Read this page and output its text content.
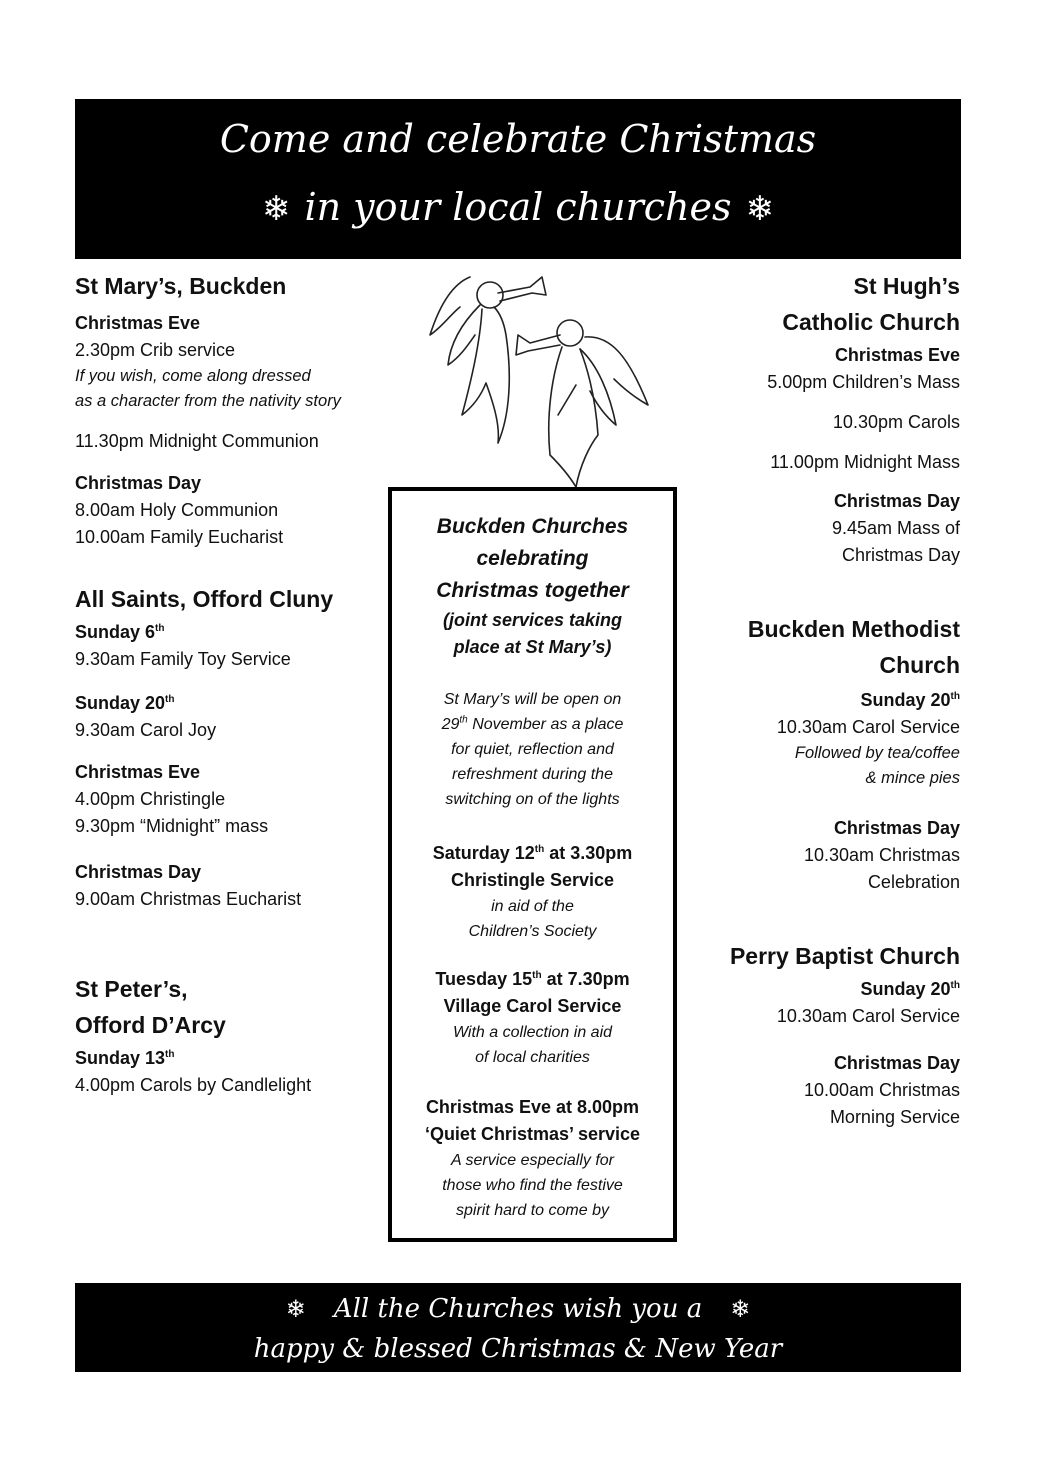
Come and celebrate Christmas
❄ in your local churches ❄

St Mary’s, Buckden

Christmas Eve
2.30pm Crib service
If you wish, come along dressed
as a character from the nativity story
11.30pm Midnight Communion
Christmas Day
8.00am Holy Communion
10.00am Family Eucharist

All Saints, Offord Cluny

Sunday 6th
9.30am Family Toy Service
Sunday 20th
9.30am Carol Joy
Christmas Eve
4.00pm Christingle
9.30pm “Midnight” mass
Christmas Day
9.00am Christmas Eucharist

St Peter’s,

Offord D’Arcy

Sunday 13th
4.00pm Carols by Candlelight
Buckden Churches
celebrating
Christmas together
(joint services taking
place at St Mary’s)
St Mary’s will be open on
29th November as a place
for quiet, reflection and
refreshment during the
switching on of the lights
Saturday 12th at 3.30pm
Christingle Service
in aid of the
Children’s Society
Tuesday 15th at 7.30pm
Village Carol Service
With a collection in aid
of local charities
Christmas Eve at 8.00pm
‘Quiet Christmas’ service
A service especially for
those who find the festive
spirit hard to come by

St Hugh’s

Catholic Church

Christmas Eve
5.00pm Children’s Mass
10.30pm Carols
11.00pm Midnight Mass
Christmas Day
9.45am Mass of
Christmas Day

Buckden Methodist

Church

Sunday 20th
10.30am Carol Service
Followed by tea/coffee
& mince pies
Christmas Day
10.30am Christmas
Celebration

Perry Baptist Church

Sunday 20th
10.30am Carol Service
Christmas Day
10.00am Christmas
Morning Service
❄ All the Churches wish you a ❄
happy & blessed Christmas & New Year
